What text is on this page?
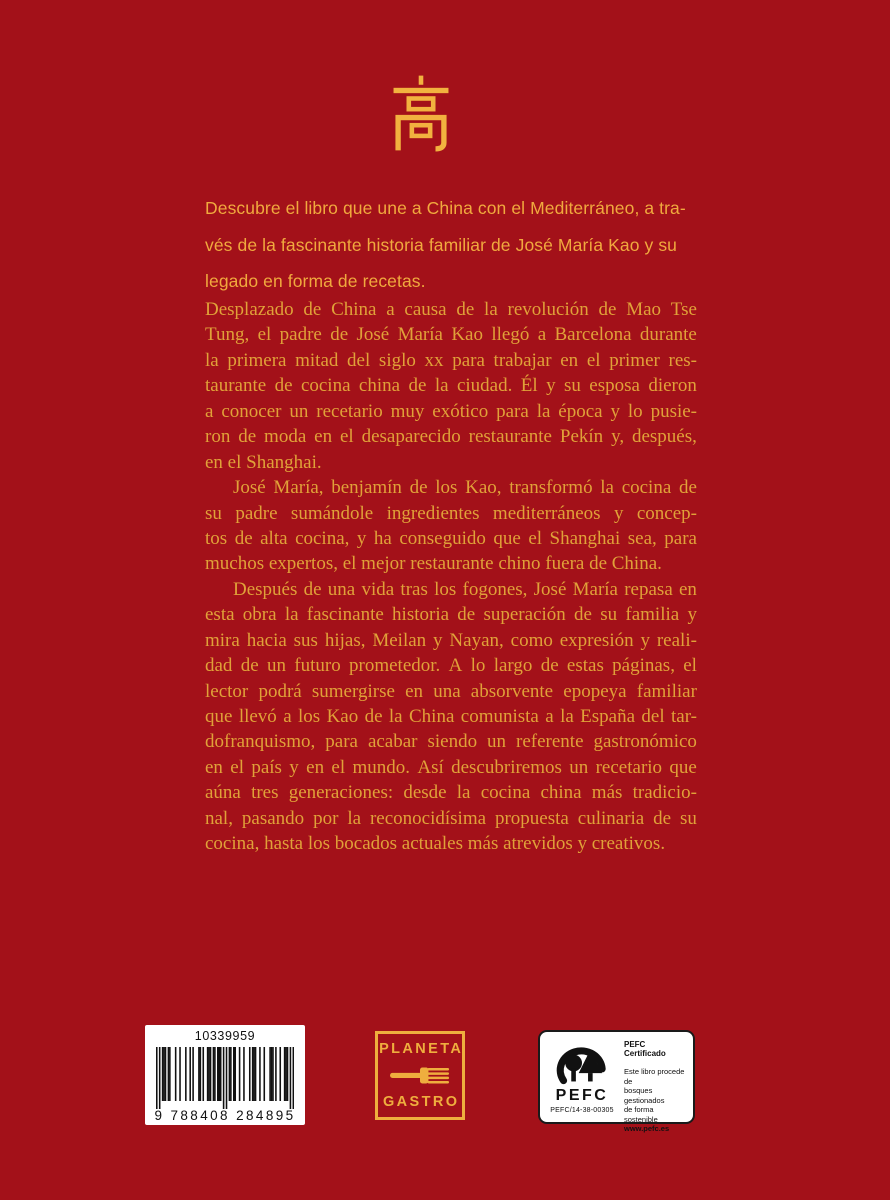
Descubre el libro que une a China con el Mediterráneo, a tra-
vés de la fascinante historia familiar de José María Kao y su
legado en forma de recetas.
Desplazado de China a causa de la revolución de Mao Tse
Tung, el padre de José María Kao llegó a Barcelona durante
la primera mitad del siglo xx para trabajar en el primer res-
taurante de cocina china de la ciudad. Él y su esposa dieron
a conocer un recetario muy exótico para la época y lo pusie-
ron de moda en el desaparecido restaurante Pekín y, después,
en el Shanghai.
José María, benjamín de los Kao, transformó la cocina de
su padre sumándole ingredientes mediterráneos y concep-
tos de alta cocina, y ha conseguido que el Shanghai sea, para
muchos expertos, el mejor restaurante chino fuera de China.
Después de una vida tras los fogones, José María repasa en
esta obra la fascinante historia de superación de su familia y
mira hacia sus hijas, Meilan y Nayan, como expresión y reali-
dad de un futuro prometedor. A lo largo de estas páginas, el
lector podrá sumergirse en una absorvente epopeya familiar
que llevó a los Kao de la China comunista a la España del tar-
dofranquismo, para acabar siendo un referente gastronómico
en el país y en el mundo. Así descubriremos un recetario que
aúna tres generaciones: desde la cocina china más tradicio-
nal, pasando por la reconocidísima propuesta culinaria de su
cocina, hasta los bocados actuales más atrevidos y creativos.
10339959
9 788408 284895
PLANETA
GASTRO	PEFC
PEFC/14-38-00305
PEFC Certificado
Este libro procede de
bosques gestionados
de forma sostenible
www.pefc.es
